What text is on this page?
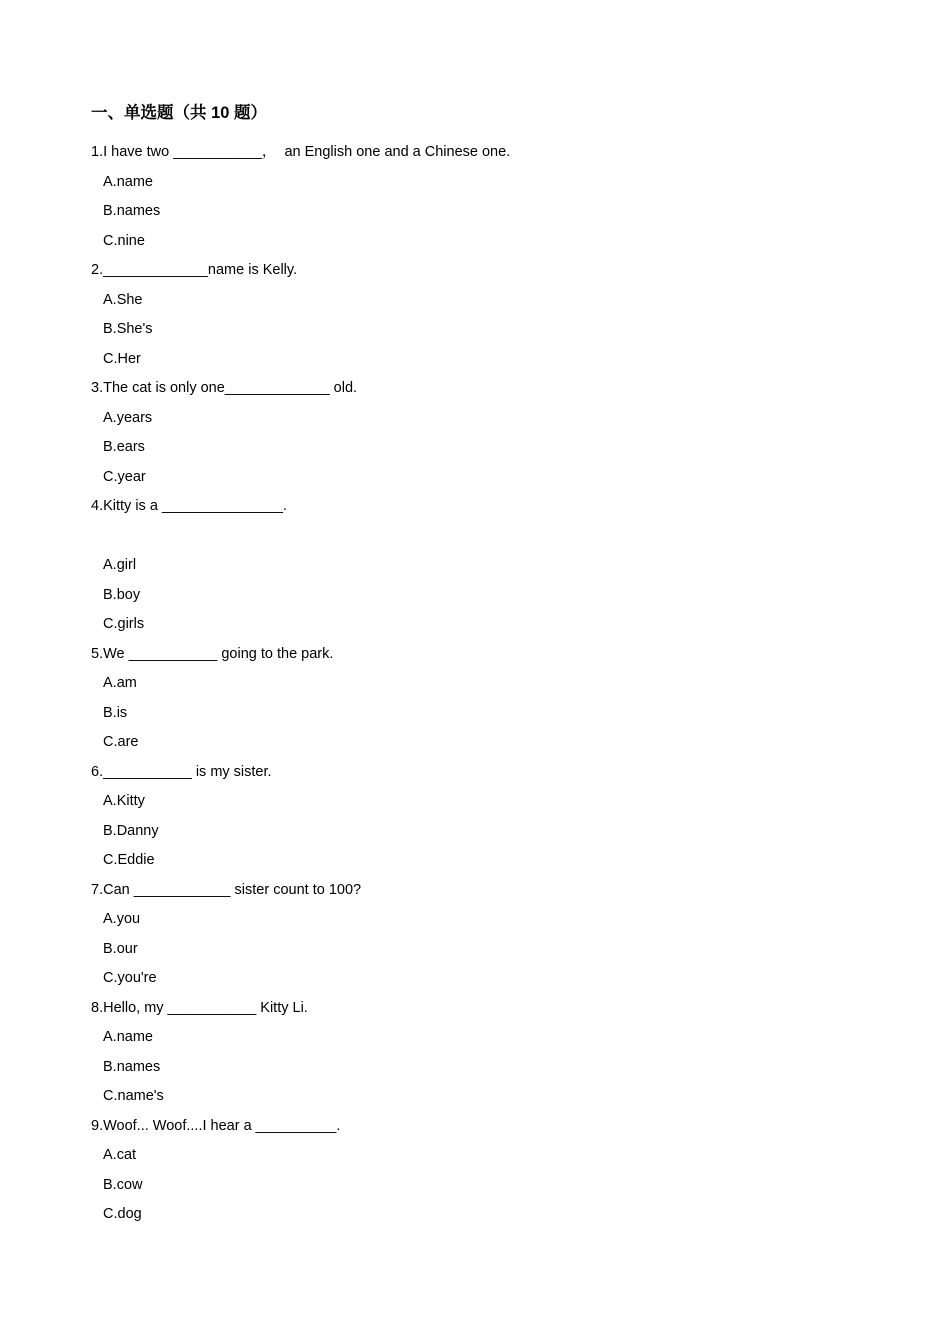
一、单选题（共 10 题）
1.I have two ___________，  an English one and a Chinese one.
A.name
B.names
C.nine
2._____________name is Kelly.
A.She
B.She's
C.Her
3.The cat is only one_____________ old.
A.years
B.ears
C.year
4.Kitty is a _______________.
A.girl
B.boy
C.girls
5.We ___________ going to the park.
A.am
B.is
C.are
6.___________ is my sister.
A.Kitty
B.Danny
C.Eddie
7.Can ____________ sister count to 100?
A.you
B.our
C.you're
8.Hello, my ___________ Kitty Li.
A.name
B.names
C.name's
9.Woof... Woof....I hear a __________.
A.cat
B.cow
C.dog
